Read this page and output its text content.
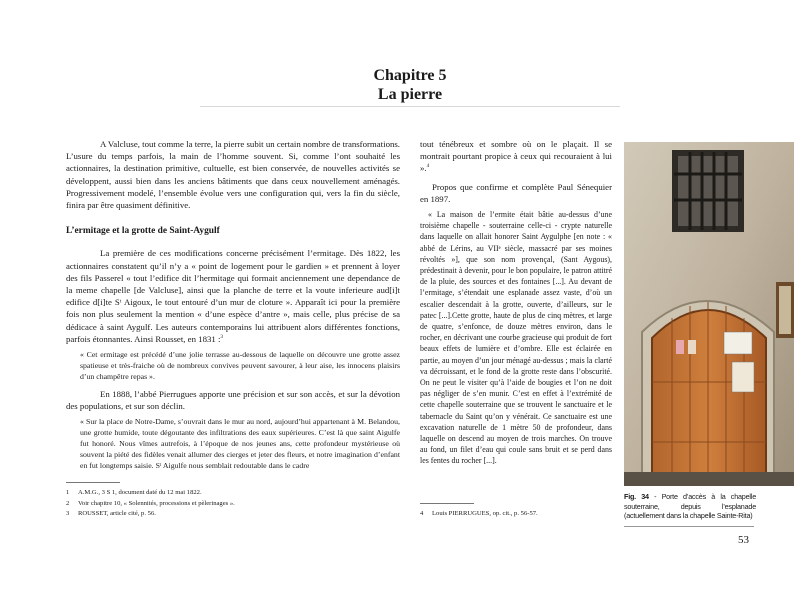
Chapitre 5
La pierre

A Valcluse, tout comme la terre, la pierre subit un certain nombre de transformations. L’usure du temps parfois, la main de l’homme souvent. Si, comme l’ont souhaité les actionnaires, la destination primitive, cultuelle, est bien conservée, de nouvelles activités se développent, aussi bien dans les anciens bâtiments que dans ceux nouvellement aménagés. Progressivement modelé, l’ensemble évolue vers une configuration qui, vers la fin du siècle, finira par être quasiment définitive.

L’ermitage et la grotte de Saint-Aygulf

La première de ces modifications concerne précisément l’ermitage. Dès 1822, les actionnaires constatent qu’il n’y a « point de logement pour le gardien » et prennent à loyer des fils Passerel « tout l’edifice dit l’hermitage qui formait anciennement une dependance de la meme chapelle [de Valcluse], ainsi que la planche de terre et la voute inferieure aud[i]t edifice d[i]te Sᵗ Aigoux, le tout entouré d’un mur de cloture ». Apparaît ici pour la première fois non plus seulement la mention « d’une espèce d’antre », mais celle, plus précise de sa dédicace à saint Aygulf. Les auteurs contemporains lui attribuent alors différentes fonctions, parfois étonnantes. Ainsi Rousset, en 1831 :$^3$

« Cet ermitage est précédé d’une jolie terrasse au-dessous de laquelle on découvre une grotte assez spatieuse et très-fraiche où de nombreux convives peuvent savourer, à leur aise, les innocens plaisirs d’un champêtre repas ».

En 1888, l’abbé Pierrugues apporte une précision et sur son accès, et sur la dévotion des populations, et sur son déclin.

« Sur la place de Notre-Dame, s’ouvrait dans le mur au nord, aujourd’hui appartenant à M. Belandou, une grotte humide, toute dégoutante des infiltrations des eaux supérieures. C’est là que saint Aigulfe fut honoré. Nous vîmes autrefois, à l’époque de nos jeunes ans, cette profondeur mystérieuse où souvent la piété des fidèles venait allumer des cierges et jeter des fleurs, et notre imagination d’enfant en fut longtemps saisie. Sᵗ Aigulfe nous semblait redoutable dans le cadre

1	A.M.G., 3 S 1, document daté du 12 mai 1822.
2	Voir chapitre 10, « Solennités, processions et pèlerinages ».
3	ROUSSET, article cité, p. 56.

tout ténébreux et sombre où on le plaçait. Il se montrait pourtant propice à ceux qui recouraient à lui ».$^4$

Propos que confirme et complète Paul Sénequier en 1897.

« La maison de l’ermite était bâtie au-dessus d’une troisième chapelle - souterraine celle-ci - crypte naturelle dans laquelle on allait honorer Saint Aygulphe [en note : « abbé de Lérins, au VIIᵉ siècle, massacré par ses moines révoltés »], que son nom provençal, (Sant Aygous), prédestinait à devenir, pour le bon populaire, le patron attitré de la pluie, des sources et des fontaines [...]. Au devant de l’ermitage, s’étendait une esplanade assez vaste, d’où un escalier descendait à la grotte, ouverte, d’ailleurs, sur le patec [...].Cette grotte, haute de plus de cinq mètres, et large de quatre, s’enfonce, de douze mètres environ, dans le rocher, en décrivant une courbe gracieuse qui produit de fort beaux effets de lumière et d’ombre. Elle est éclairée en partie, au moyen d’un jour ménagé au-dessus ; mais la clarté va décroissant, et le fond de la grotte reste dans l’obscurité. On ne peut le visiter qu’à l’aide de bougies et l’on ne doit pas négliger de s’en munir. C’est en effet à l’extrémité de cette chapelle souterraine que se trouvent le sanctuaire et le tabernacle du Saint qu’on y vénérait. Ce sanctuaire est une excavation naturelle de 1 mètre 50 de profondeur, dans laquelle on descend au moyen de trois marches. On trouve au fond, un filet d’eau qui coule sans bruit et se perd dans les fentes du rocher [...].

4	Louis PIERRUGUES, op. cit., p. 56-57.
Fig. 34 - Porte d’accès à la chapelle souterraine, depuis l’esplanade (actuellement dans la chapelle Sainte-Rita)
53
